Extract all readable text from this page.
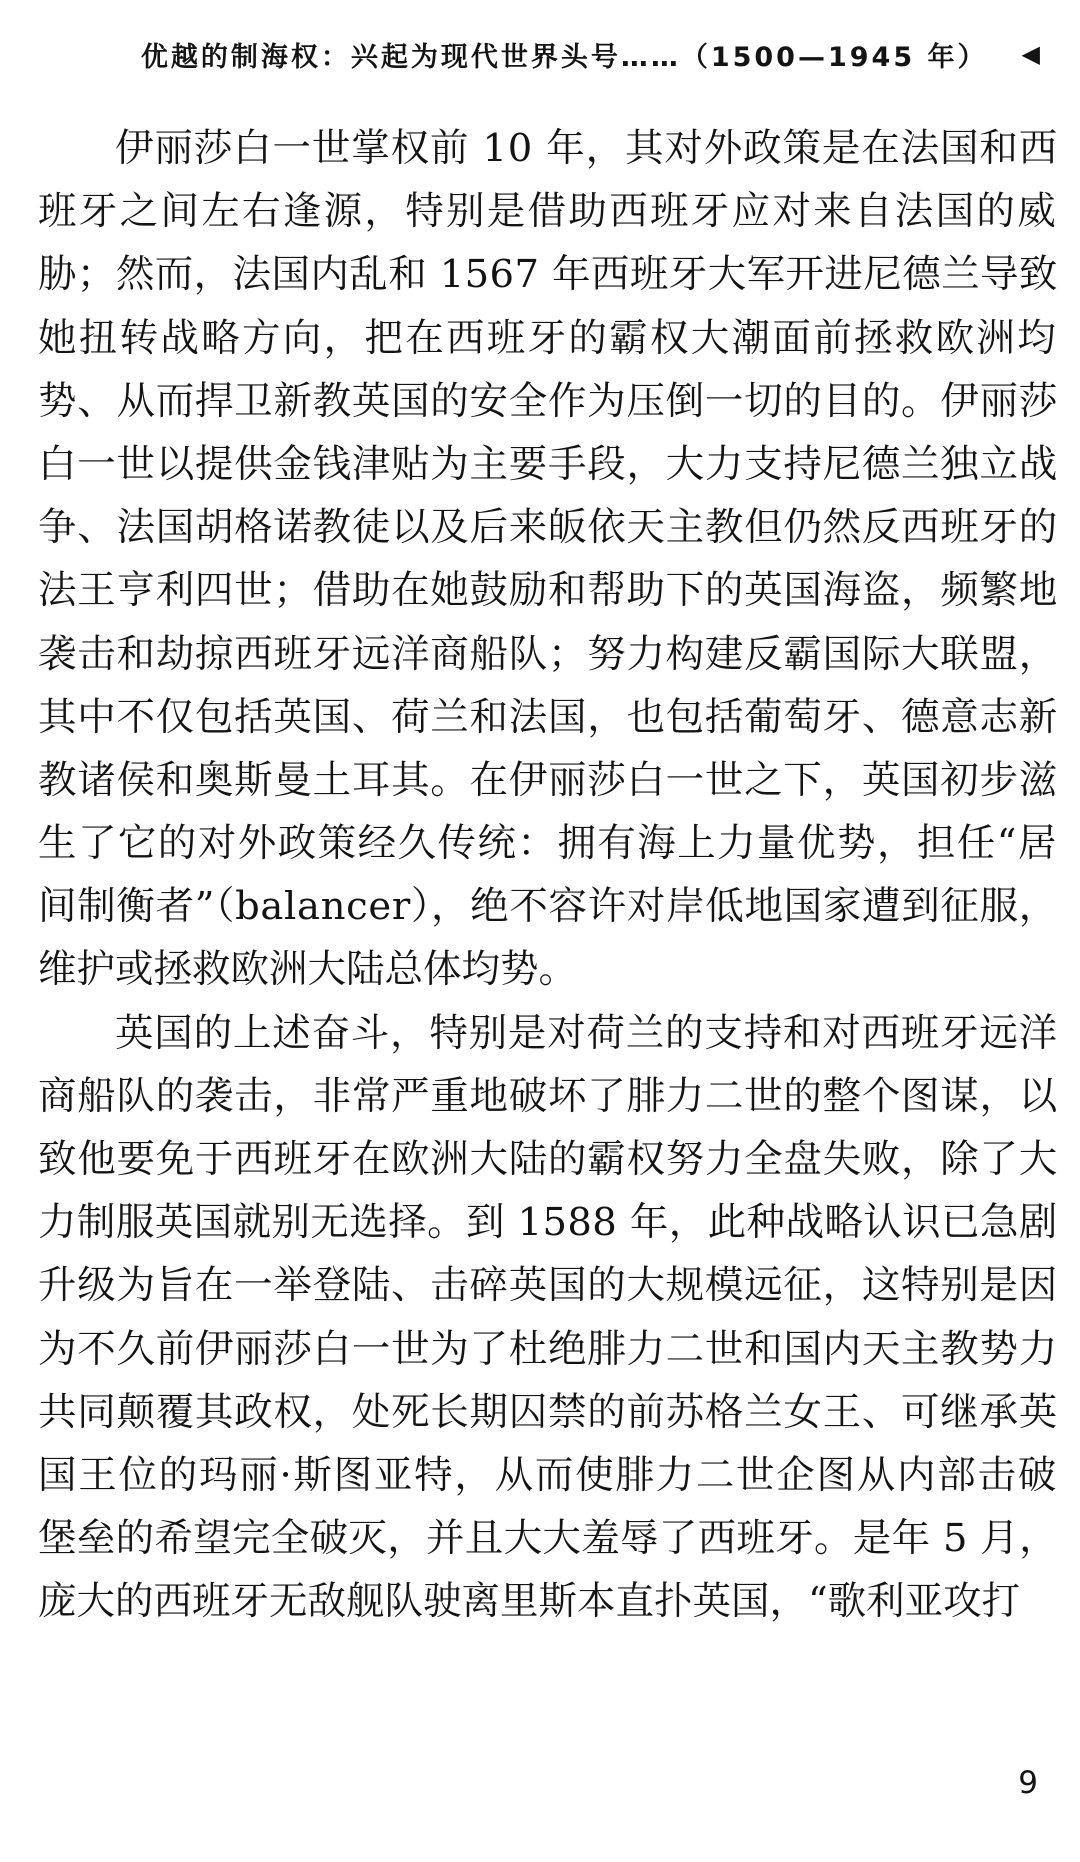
优越的制海权：兴起为现代世界头号……（1500—1945 年） ◀
伊丽莎白一世掌权前 10 年，其对外政策是在法国和西
班牙之间左右逢源，特别是借助西班牙应对来自法国的威
胁；然而，法国内乱和 1567 年西班牙大军开进尼德兰导致
她扭转战略方向，把在西班牙的霸权大潮面前拯救欧洲均
势、从而捍卫新教英国的安全作为压倒一切的目的。伊丽莎
白一世以提供金钱津贴为主要手段，大力支持尼德兰独立战
争、法国胡格诺教徒以及后来皈依天主教但仍然反西班牙的
法王亨利四世；借助在她鼓励和帮助下的英国海盗，频繁地
袭击和劫掠西班牙远洋商船队；努力构建反霸国际大联盟，
其中不仅包括英国、荷兰和法国，也包括葡萄牙、德意志新
教诸侯和奥斯曼土耳其。在伊丽莎白一世之下，英国初步滋
生了它的对外政策经久传统：拥有海上力量优势，担任“居
间制衡者”（balancer），绝不容许对岸低地国家遭到征服，
维护或拯救欧洲大陆总体均势。
英国的上述奋斗，特别是对荷兰的支持和对西班牙远洋
商船队的袭击，非常严重地破坏了腓力二世的整个图谋，以
致他要免于西班牙在欧洲大陆的霸权努力全盘失败，除了大
力制服英国就别无选择。到 1588 年，此种战略认识已急剧
升级为旨在一举登陆、击碎英国的大规模远征，这特别是因
为不久前伊丽莎白一世为了杜绝腓力二世和国内天主教势力
共同颠覆其政权，处死长期囚禁的前苏格兰女王、可继承英
国王位的玛丽·斯图亚特，从而使腓力二世企图从内部击破
堡垒的希望完全破灭，并且大大羞辱了西班牙。是年 5 月，
庞大的西班牙无敌舰队驶离里斯本直扑英国，“歌利亚攻打
9
